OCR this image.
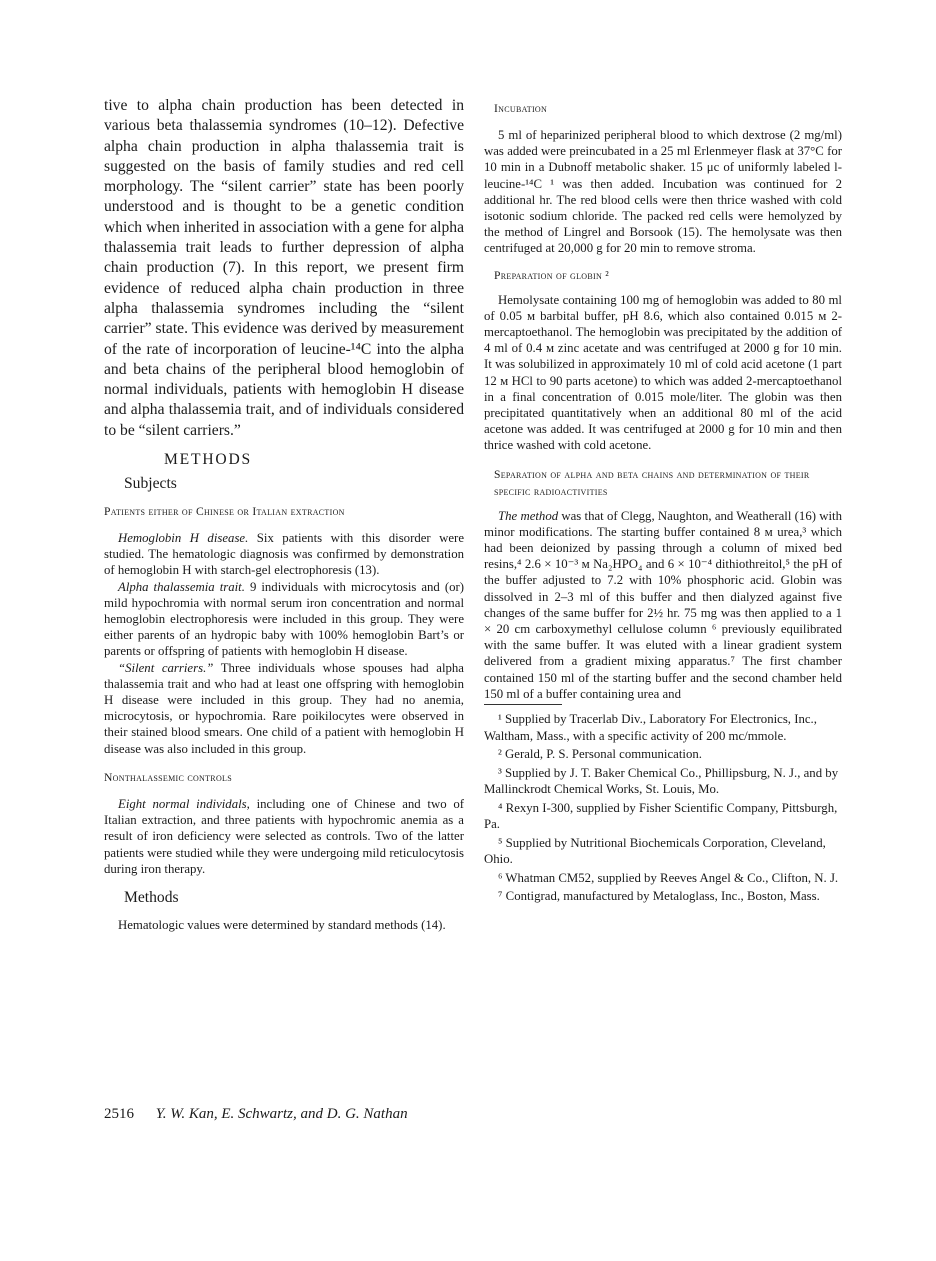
tive to alpha chain production has been detected in various beta thalassemia syndromes (10–12). Defective alpha chain production in alpha thalassemia trait is suggested on the basis of family studies and red cell morphology. The “silent carrier” state has been poorly understood and is thought to be a genetic condition which when inherited in association with a gene for alpha thalassemia trait leads to further depression of alpha chain production (7). In this report, we present firm evidence of reduced alpha chain production in three alpha thalassemia syndromes including the “silent carrier” state. This evidence was derived by measurement of the rate of incorporation of leucine-¹⁴C into the alpha and beta chains of the peripheral blood hemoglobin of normal individuals, patients with hemoglobin H disease and alpha thalassemia trait, and of individuals considered to be “silent carriers.”

METHODS
Subjects

Patients either of Chinese or Italian extraction

Hemoglobin H disease. Six patients with this disorder were studied. The hematologic diagnosis was confirmed by demonstration of hemoglobin H with starch-gel electrophoresis (13).

Alpha thalassemia trait. 9 individuals with microcytosis and (or) mild hypochromia with normal serum iron concentration and normal hemoglobin electrophoresis were included in this group. They were either parents of an hydropic baby with 100% hemoglobin Bart’s or parents or offspring of patients with hemoglobin H disease.

“Silent carriers.” Three individuals whose spouses had alpha thalassemia trait and who had at least one offspring with hemoglobin H disease were included in this group. They had no anemia, microcytosis, or hypochromia. Rare poikilocytes were observed in their stained blood smears. One child of a patient with hemoglobin H disease was also included in this group.

Nonthalassemic controls

Eight normal individals, including one of Chinese and two of Italian extraction, and three patients with hypochromic anemia as a result of iron deficiency were selected as controls. Two of the latter patients were studied while they were undergoing mild reticulocytosis during iron therapy.

Methods

Hematologic values were determined by standard methods (14).

Incubation

5 ml of heparinized peripheral blood to which dextrose (2 mg/ml) was added were preincubated in a 25 ml Erlenmeyer flask at 37°C for 10 min in a Dubnoff metabolic shaker. 15 μc of uniformly labeled l-leucine-¹⁴C ¹ was then added. Incubation was continued for 2 additional hr. The red blood cells were then thrice washed with cold isotonic sodium chloride. The packed red cells were hemolyzed by the method of Lingrel and Borsook (15). The hemolysate was then centrifuged at 20,000 g for 20 min to remove stroma.

Preparation of globin ²

Hemolysate containing 100 mg of hemoglobin was added to 80 ml of 0.05 м barbital buffer, pH 8.6, which also contained 0.015 м 2-mercaptoethanol. The hemoglobin was precipitated by the addition of 4 ml of 0.4 м zinc acetate and was centrifuged at 2000 g for 10 min. It was solubilized in approximately 10 ml of cold acid acetone (1 part 12 м HCl to 90 parts acetone) to which was added 2-mercaptoethanol in a final concentration of 0.015 mole/liter. The globin was then precipitated quantitatively when an additional 80 ml of the acid acetone was added. It was centrifuged at 2000 g for 10 min and then thrice washed with cold acetone.

Separation of alpha and beta chains and determination of their specific radioactivities

The method was that of Clegg, Naughton, and Weatherall (16) with minor modifications. The starting buffer contained 8 м urea,³ which had been deionized by passing through a column of mixed bed resins,⁴ 2.6 × 10⁻³ м Na₂HPO₄ and 6 × 10⁻⁴ dithiothreitol,⁵ the pH of the buffer adjusted to 7.2 with 10% phosphoric acid. Globin was dissolved in 2–3 ml of this buffer and then dialyzed against five changes of the same buffer for 2½ hr. 75 mg was then applied to a 1 × 20 cm carboxymethyl cellulose column ⁶ previously equilibrated with the same buffer. It was eluted with a linear gradient system delivered from a gradient mixing apparatus.⁷ The first chamber contained 150 ml of the starting buffer and the second chamber held 150 ml of a buffer containing urea and

¹ Supplied by Tracerlab Div., Laboratory For Electronics, Inc., Waltham, Mass., with a specific activity of 200 mc/mmole.
² Gerald, P. S. Personal communication.
³ Supplied by J. T. Baker Chemical Co., Phillipsburg, N. J., and by Mallinckrodt Chemical Works, St. Louis, Mo.
⁴ Rexyn I-300, supplied by Fisher Scientific Company, Pittsburgh, Pa.
⁵ Supplied by Nutritional Biochemicals Corporation, Cleveland, Ohio.
⁶ Whatman CM52, supplied by Reeves Angel & Co., Clifton, N. J.
⁷ Contigrad, manufactured by Metaloglass, Inc., Boston, Mass.
2516 Y. W. Kan, E. Schwartz, and D. G. Nathan
